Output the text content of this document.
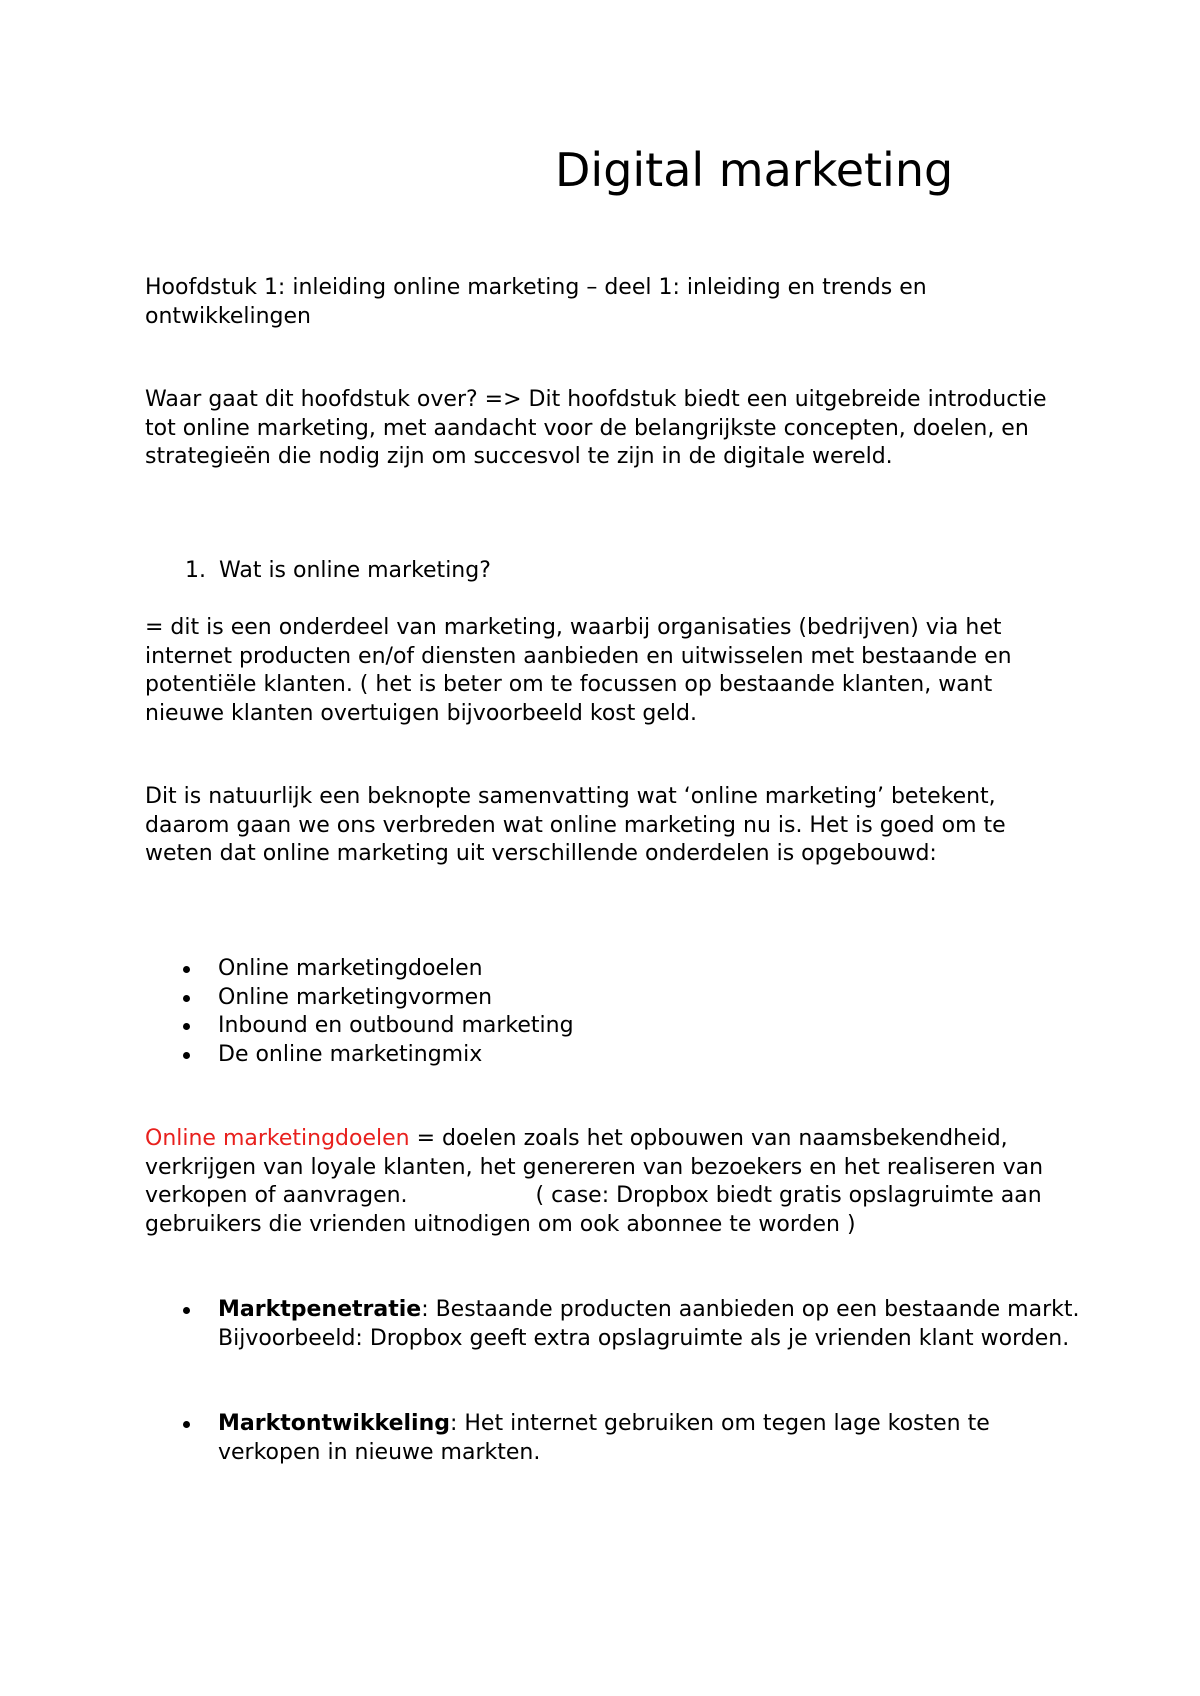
Digital marketing

Hoofdstuk 1: inleiding online marketing – deel 1: inleiding en trends en ontwikkelingen

Waar gaat dit hoofdstuk over? => Dit hoofdstuk biedt een uitgebreide introductie tot online marketing, met aandacht voor de belangrijkste concepten, doelen, en strategieën die nodig zijn om succesvol te zijn in de digitale wereld.

1. Wat is online marketing?

= dit is een onderdeel van marketing, waarbij organisaties (bedrijven) via het internet producten en/of diensten aanbieden en uitwisselen met bestaande en potentiële klanten. ( het is beter om te focussen op bestaande klanten, want nieuwe klanten overtuigen bijvoorbeeld kost geld.

Dit is natuurlijk een beknopte samenvatting wat ‘online marketing’ betekent, daarom gaan we ons verbreden wat online marketing nu is. Het is goed om te weten dat online marketing uit verschillende onderdelen is opgebouwd:

Online marketingdoelen
Online marketingvormen
Inbound en outbound marketing
De online marketingmix

Online marketingdoelen = doelen zoals het opbouwen van naamsbekendheid, verkrijgen van loyale klanten, het genereren van bezoekers en het realiseren van verkopen of aanvragen.	( case: Dropbox biedt gratis opslagruimte aan gebruikers die vrienden uitnodigen om ook abonnee te worden )

Marktpenetratie: Bestaande producten aanbieden op een bestaande markt. Bijvoorbeeld: Dropbox geeft extra opslagruimte als je vrienden klant worden.
Marktontwikkeling: Het internet gebruiken om tegen lage kosten te verkopen in nieuwe markten.
